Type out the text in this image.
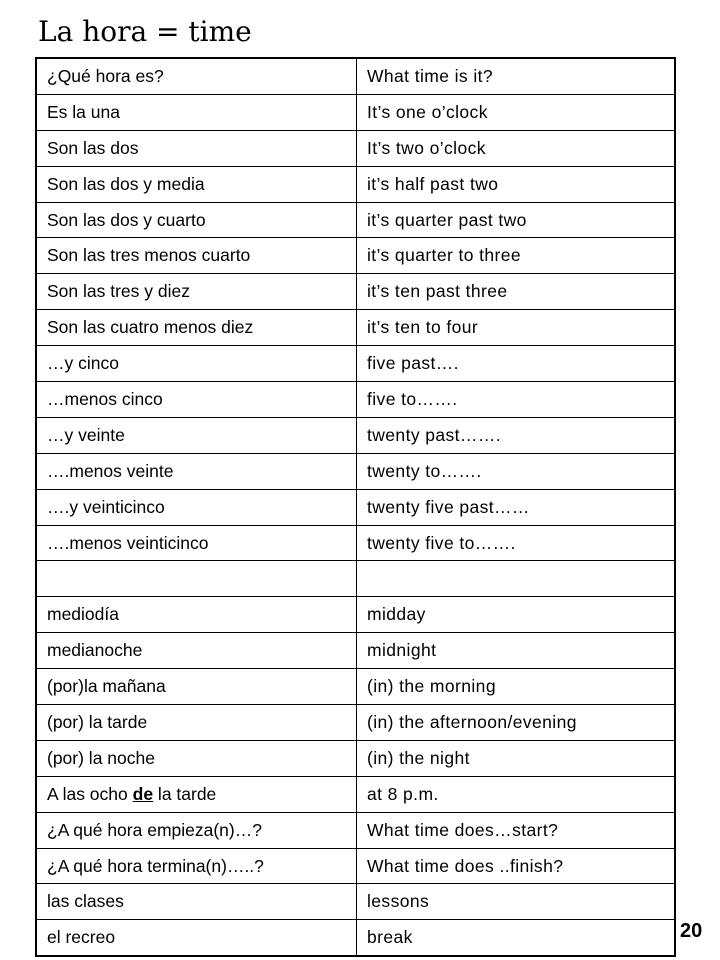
La hora = time
¿Qué hora es?	What time is it?
Es la una	It’s one o’clock
Son las dos	It’s two o’clock
Son las dos y media	it’s half past two
Son las dos y cuarto	it’s quarter past two
Son las tres menos cuarto	it’s quarter to three
Son las tres y diez	it’s ten past three
Son las cuatro menos diez	it’s ten to four
…y cinco	five past….
…menos cinco	five to…….
…y veinte	twenty past…….
….menos veinte	twenty to…….
….y veinticinco	twenty five past……
….menos veinticinco	twenty five to…….

mediodía	midday
medianoche	midnight
(por)la mañana	(in) the morning
(por) la tarde	(in) the afternoon/evening
(por) la noche	(in) the night
A las ocho de la tarde	at 8 p.m.
¿A qué hora empieza(n)…?	What time does…start?
¿A qué hora termina(n)…..?	What time does ..finish?
las clases	lessons
el recreo	break	20
